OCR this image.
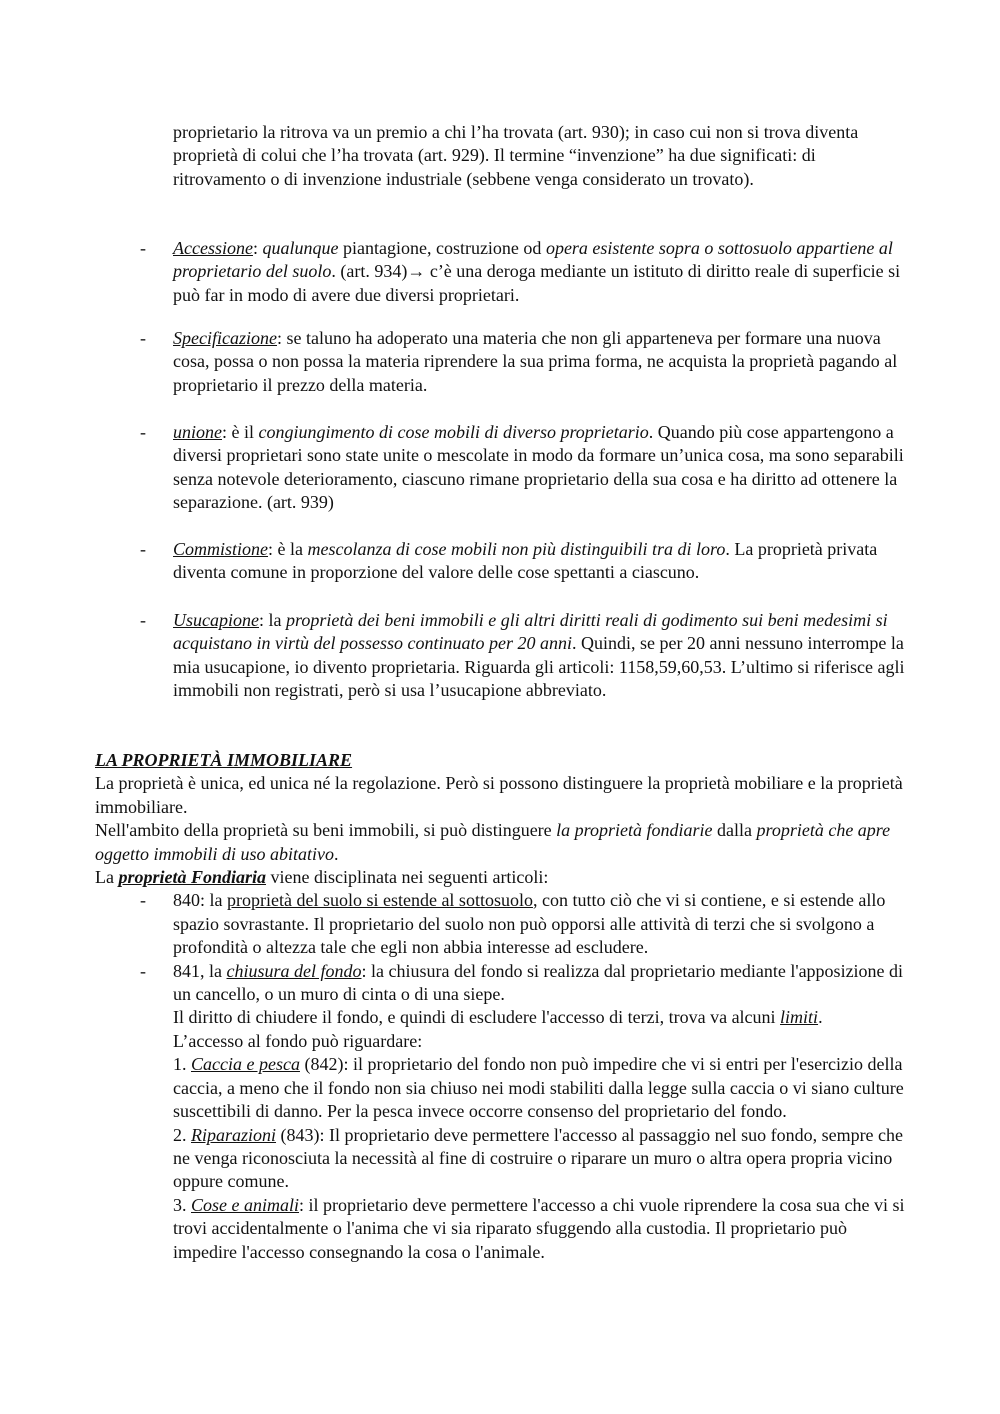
proprietario la ritrova va un premio a chi l’ha trovata (art. 930); in caso cui non si trova diventa proprietà di colui che l’ha trovata (art. 929). Il termine “invenzione” ha due significati: di ritrovamento o di invenzione industriale (sebbene venga considerato un trovato).

-	Accessione: qualunque piantagione, costruzione od opera esistente sopra o sottosuolo appartiene al proprietario del suolo. (art. 934)→ c’è una deroga mediante un istituto di diritto reale di superficie si può far in modo di avere due diversi proprietari.

-	Specificazione: se taluno ha adoperato una materia che non gli apparteneva per formare una nuova cosa, possa o non possa la materia riprendere la sua prima forma, ne acquista la proprietà pagando al proprietario il prezzo della materia.

-	unione: è il congiungimento di cose mobili di diverso proprietario. Quando più cose appartengono a diversi proprietari sono state unite o mescolate in modo da formare un’unica cosa, ma sono separabili senza notevole deterioramento, ciascuno rimane proprietario della sua cosa e ha diritto ad ottenere la separazione. (art. 939)

-	Commistione: è la mescolanza di cose mobili non più distinguibili tra di loro. La proprietà privata diventa comune in proporzione del valore delle cose spettanti a ciascuno.

-	Usucapione: la proprietà dei beni immobili e gli altri diritti reali di godimento sui beni medesimi si acquistano in virtù del possesso continuato per 20 anni. Quindi, se per 20 anni nessuno interrompe la mia usucapione, io divento proprietaria. Riguarda gli articoli: 1158,59,60,53. L’ultimo si riferisce agli immobili non registrati, però si usa l’usucapione abbreviato.

LA PROPRIETÀ IMMOBILIARE

La proprietà è unica, ed unica né la regolazione. Però si possono distinguere la proprietà mobiliare e la proprietà immobiliare.

Nell'ambito della proprietà su beni immobili, si può distinguere la proprietà fondiarie dalla proprietà che apre oggetto immobili di uso abitativo.

La proprietà Fondiaria viene disciplinata nei seguenti articoli:

-	840: la proprietà del suolo si estende al sottosuolo, con tutto ciò che vi si contiene, e si estende allo spazio sovrastante. Il proprietario del suolo non può opporsi alle attività di terzi che si svolgono a profondità o altezza tale che egli non abbia interesse ad escludere.

-	841, la chiusura del fondo: la chiusura del fondo si realizza dal proprietario mediante l'apposizione di un cancello, o un muro di cinta o di una siepe.

Il diritto di chiudere il fondo, e quindi di escludere l'accesso di terzi, trova va alcuni limiti.

L’accesso al fondo può riguardare:

1. Caccia e pesca (842): il proprietario del fondo non può impedire che vi si entri per l'esercizio della caccia, a meno che il fondo non sia chiuso nei modi stabiliti dalla legge sulla caccia o vi siano culture suscettibili di danno. Per la pesca invece occorre consenso del proprietario del fondo.

2. Riparazioni (843): Il proprietario deve permettere l'accesso al passaggio nel suo fondo, sempre che ne venga riconosciuta la necessità al fine di costruire o riparare un muro o altra opera propria vicino oppure comune.

3. Cose e animali: il proprietario deve permettere l'accesso a chi vuole riprendere la cosa sua che vi si trovi accidentalmente o l'anima che vi sia riparato sfuggendo alla custodia. Il proprietario può impedire l'accesso consegnando la cosa o l'animale.
